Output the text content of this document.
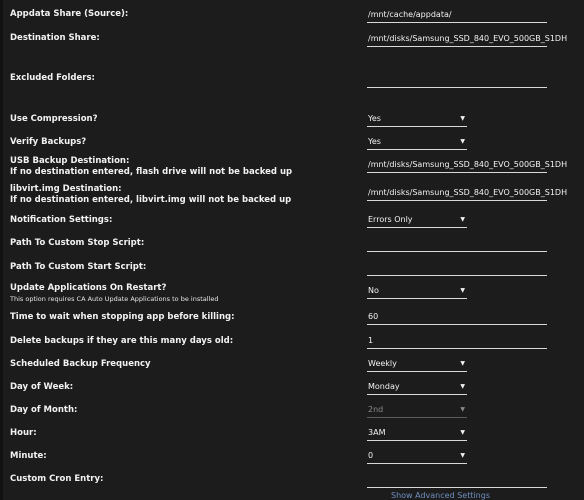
Appdata Share (Source):	/mnt/cache/appdata/
Destination Share:	/mnt/disks/Samsung_SSD_840_EVO_500GB_S1DH
Excluded Folders:
Use Compression?	Yes	▼
Verify Backups?	Yes	▼
USB Backup Destination:
If no destination entered, flash drive will not be backed up
/mnt/disks/Samsung_SSD_840_EVO_500GB_S1DH
libvirt.img Destination:
If no destination entered, libvirt.img will not be backed up
/mnt/disks/Samsung_SSD_840_EVO_500GB_S1DH
Notification Settings:	Errors Only	▼
Path To Custom Stop Script:
Path To Custom Start Script:
Update Applications On Restart?
This option requires CA Auto Update Applications to be installed
No	▼
Time to wait when stopping app before killing:	60
Delete backups if they are this many days old:	1
Scheduled Backup Frequency	Weekly	▼
Day of Week:	Monday	▼
Day of Month:	2nd	▼
Hour:	3AM	▼
Minute:	0	▼
Custom Cron Entry:
Show Advanced Settings
